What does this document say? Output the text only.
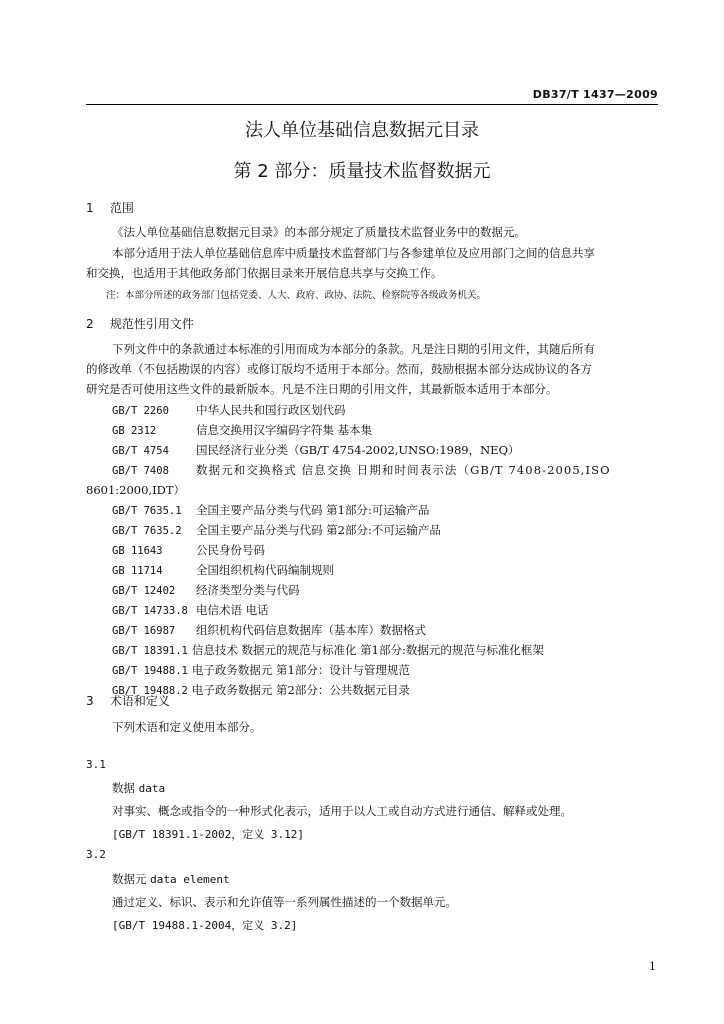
DB37/T 1437—2009
法人单位基础信息数据元目录
第 2 部分：质量技术监督数据元
1 范围
《法人单位基础信息数据元目录》的本部分规定了质量技术监督业务中的数据元。
本部分适用于法人单位基础信息库中质量技术监督部门与各参建单位及应用部门之间的信息共享
和交换，也适用于其他政务部门依据目录来开展信息共享与交换工作。
注：本部分所述的政务部门包括党委、人大、政府、政协、法院、检察院等各级政务机关。
2 规范性引用文件
下列文件中的条款通过本标准的引用而成为本部分的条款。凡是注日期的引用文件，其随后所有
的修改单（不包括勘误的内容）或修订版均不适用于本部分。然而，鼓励根据本部分达成协议的各方
研究是否可使用这些文件的最新版本。凡是不注日期的引用文件，其最新版本适用于本部分。
GB/T 2260 中华人民共和国行政区划代码
GB 2312	信息交换用汉字编码字符集 基本集
GB/T 4754 国民经济行业分类（GB/T 4754-2002,UNSO:1989，NEQ）
GB/T 7408 数据元和交换格式 信息交换 日期和时间表示法（GB/T 7408-2005,ISO
8601:2000,IDT）
GB/T 7635.1 全国主要产品分类与代码 第1部分:可运输产品
GB/T 7635.2 全国主要产品分类与代码 第2部分:不可运输产品
GB 11643	公民身份号码
GB 11714	全国组织机构代码编制规则
GB/T 12402 经济类型分类与代码
GB/T 14733.8 电信术语 电话
GB/T 16987 组织机构代码信息数据库（基本库）数据格式
GB/T 18391.1 信息技术 数据元的规范与标准化 第1部分:数据元的规范与标准化框架
GB/T 19488.1 电子政务数据元 第1部分：设计与管理规范
GB/T 19488.2 电子政务数据元 第2部分：公共数据元目录
3 术语和定义
下列术语和定义使用本部分。
3.1
数据 data
对事实、概念或指令的一种形式化表示，适用于以人工或自动方式进行通信、解释或处理。
[GB/T 18391.1-2002，定义 3.12]
3.2
数据元 data element
通过定义、标识、表示和允许值等一系列属性描述的一个数据单元。
[GB/T 19488.1-2004，定义 3.2]
1
